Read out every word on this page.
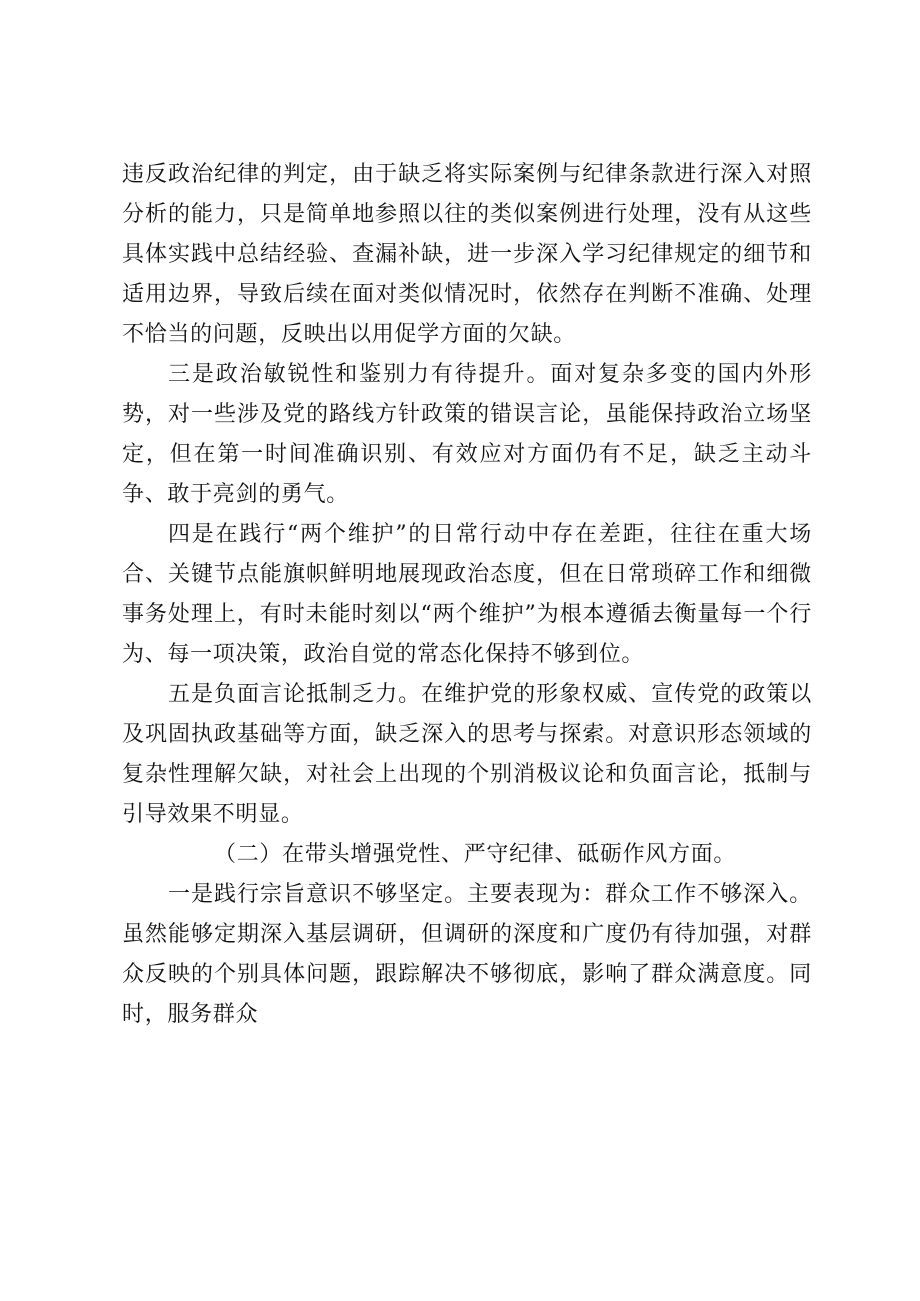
违反政治纪律的判定，由于缺乏将实际案例与纪律条款进行深入对照分析的能力，只是简单地参照以往的类似案例进行处理，没有从这些具体实践中总结经验、查漏补缺，进一步深入学习纪律规定的细节和适用边界，导致后续在面对类似情况时，依然存在判断不准确、处理不恰当的问题，反映出以用促学方面的欠缺。

三是政治敏锐性和鉴别力有待提升。面对复杂多变的国内外形势，对一些涉及党的路线方针政策的错误言论，虽能保持政治立场坚定，但在第一时间准确识别、有效应对方面仍有不足，缺乏主动斗争、敢于亮剑的勇气。

四是在践行“两个维护”的日常行动中存在差距，往往在重大场合、关键节点能旗帜鲜明地展现政治态度，但在日常琐碎工作和细微事务处理上，有时未能时刻以“两个维护”为根本遵循去衡量每一个行为、每一项决策，政治自觉的常态化保持不够到位。

五是负面言论抵制乏力。在维护党的形象权威、宣传党的政策以及巩固执政基础等方面，缺乏深入的思考与探索。对意识形态领域的复杂性理解欠缺，对社会上出现的个别消极议论和负面言论，抵制与引导效果不明显。

（二）在带头增强党性、严守纪律、砥砺作风方面。

一是践行宗旨意识不够坚定。主要表现为：群众工作不够深入。虽然能够定期深入基层调研，但调研的深度和广度仍有待加强，对群众反映的个别具体问题，跟踪解决不够彻底，影响了群众满意度。同时，服务群众
